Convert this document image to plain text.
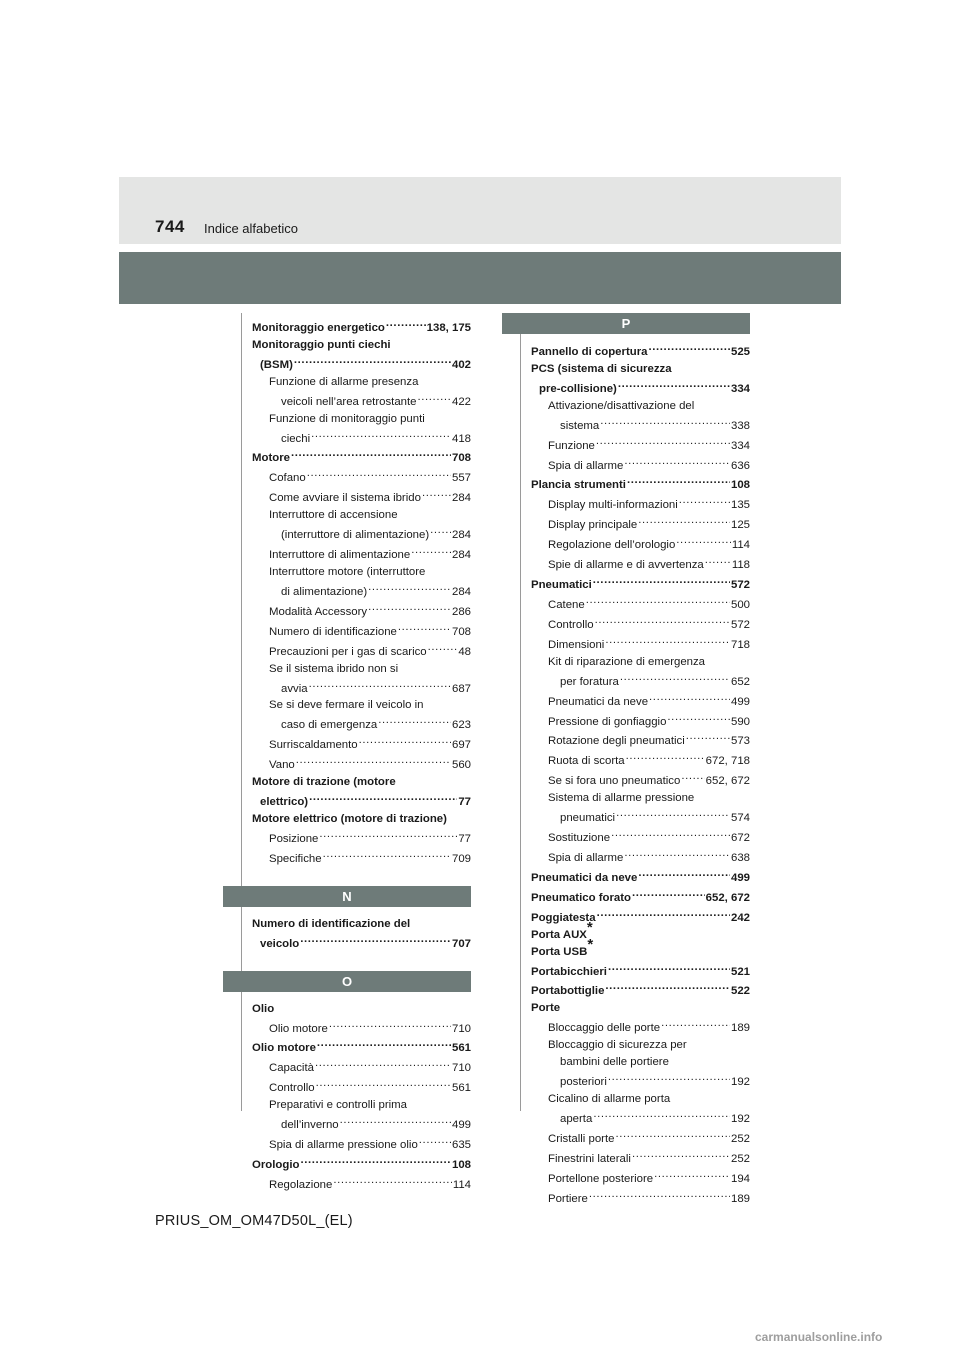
744 Indice alfabetico
Monitoraggio energetico .....	138, 175
Monitoraggio punti ciechi
(BSM) .....	402
Funzione di allarme presenza
veicoli nell’area retrostante .....	422
Funzione di monitoraggio punti
ciechi .....	418
Motore .....	708
Cofano .....	557
Come avviare il sistema ibrido .....	284
Interruttore di accensione
(interruttore di alimentazione) ..... 284
Interruttore di alimentazione .....	284
Interruttore motore (interruttore
di alimentazione) .....	284
Modalità Accessory .....	286
Numero di identificazione .....	708
Precauzioni per i gas di scarico .....	48
Se il sistema ibrido non si
avvia .....	687
Se si deve fermare il veicolo in
caso di emergenza .....	623
Surriscaldamento .....	697
Vano .....	560
Motore di trazione (motore
elettrico) .....	77
Motore elettrico (motore di trazione)
Posizione .....	77
Specifiche .....	709
N
Numero di identificazione del
veicolo .....	707
O
Olio
Olio motore .....	710
Olio motore .....	561
Capacità .....	710
Controllo .....	561
Preparativi e controlli prima
dell’inverno .....	499
Spia di allarme pressione olio .....	635
Orologio .....	108
Regolazione .....	114
P
Pannello di copertura .....	525
PCS (sistema di sicurezza
pre-collisione) .....	334
Attivazione/disattivazione del
sistema .....	338
Funzione .....	334
Spia di allarme .....	636
Plancia strumenti .....	108
Display multi-informazioni .....	135
Display principale .....	125
Regolazione dell’orologio .....	114
Spie di allarme e di avvertenza ..... 118
Pneumatici .....	572
Catene .....	500
Controllo .....	572
Dimensioni .....	718
Kit di riparazione di emergenza
per foratura .....	652
Pneumatici da neve .....	499
Pressione di gonfiaggio .....	590
Rotazione degli pneumatici .....	573
Ruota di scorta .....	672, 718
Se si fora uno pneumatico ..... 652, 672
Sistema di allarme pressione
pneumatici .....	574
Sostituzione .....	672
Spia di allarme .....	638
Pneumatici da neve .....	499
Pneumatico forato .....	652, 672
Poggiatesta .....	242
Porta AUX *
Porta USB *
Portabicchieri .....	521
Portabottiglie .....	522
Porte
Bloccaggio delle porte .....	189
Bloccaggio di sicurezza per
bambini delle portiere
posteriori .....	192
Cicalino di allarme porta
aperta .....	192
Cristalli porte .....	252
Finestrini laterali .....	252
Portellone posteriore .....	194
Portiere .....	189
PRIUS_OM_OM47D50L_(EL)
carmanualsonline.info
